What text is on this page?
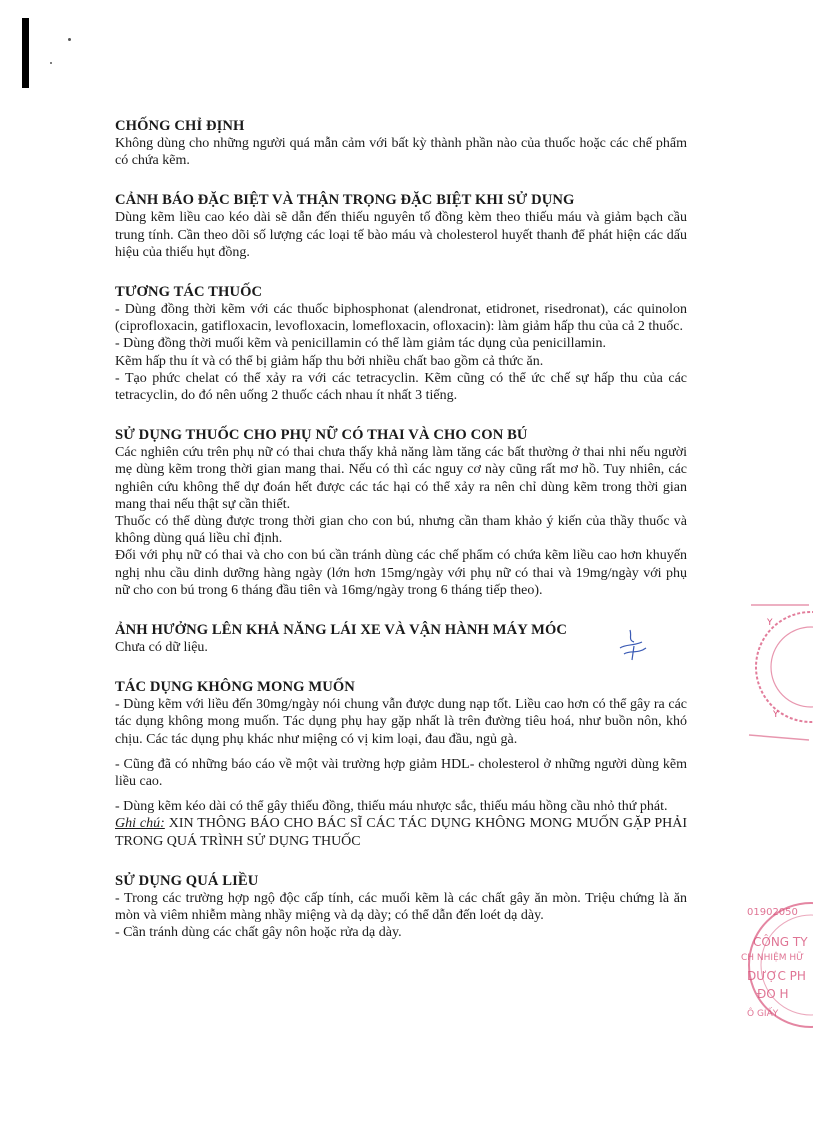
CHỐNG CHỈ ĐỊNH

Không dùng cho những người quá mẫn cảm với bất kỳ thành phần nào của thuốc hoặc các chế phẩm có chứa kẽm.

CẢNH BÁO ĐẶC BIỆT VÀ THẬN TRỌNG ĐẶC BIỆT KHI SỬ DỤNG

Dùng kẽm liều cao kéo dài sẽ dẫn đến thiếu nguyên tố đồng kèm theo thiếu máu và giảm bạch cầu trung tính. Cần theo dõi số lượng các loại tế bào máu và cholesterol huyết thanh để phát hiện các dấu hiệu của thiếu hụt đồng.

TƯƠNG TÁC THUỐC

- Dùng đồng thời kẽm với các thuốc biphosphonat (alendronat, etidronet, risedronat), các quinolon (ciprofloxacin, gatifloxacin, levofloxacin, lomefloxacin, ofloxacin): làm giảm hấp thu của cả 2 thuốc.

- Dùng đồng thời muối kẽm và penicillamin có thể làm giảm tác dụng của penicillamin.

Kẽm hấp thu ít và có thể bị giảm hấp thu bởi nhiều chất bao gồm cả thức ăn.

- Tạo phức chelat có thể xảy ra với các tetracyclin. Kẽm cũng có thể ức chế sự hấp thu của các tetracyclin, do đó nên uống 2 thuốc cách nhau ít nhất 3 tiếng.

SỬ DỤNG THUỐC CHO PHỤ NỮ CÓ THAI VÀ CHO CON BÚ

Các nghiên cứu trên phụ nữ có thai chưa thấy khả năng làm tăng các bất thường ở thai nhi nếu người mẹ dùng kẽm trong thời gian mang thai. Nếu có thì các nguy cơ này cũng rất mơ hồ. Tuy nhiên, các nghiên cứu không thể dự đoán hết được các tác hại có thể xảy ra nên chỉ dùng kẽm trong thời gian mang thai nếu thật sự cần thiết.

Thuốc có thể dùng được trong thời gian cho con bú, nhưng cần tham khảo ý kiến của thầy thuốc và không dùng quá liều chỉ định.

Đối với phụ nữ có thai và cho con bú cần tránh dùng các chế phẩm có chứa kẽm liều cao hơn khuyến nghị nhu cầu dinh dưỡng hàng ngày (lớn hơn 15mg/ngày với phụ nữ có thai và 19mg/ngày với phụ nữ cho con bú trong 6 tháng đầu tiên và 16mg/ngày trong 6 tháng tiếp theo).

ẢNH HƯỞNG LÊN KHẢ NĂNG LÁI XE VÀ VẬN HÀNH MÁY MÓC

Chưa có dữ liệu.

TÁC DỤNG KHÔNG MONG MUỐN

- Dùng kẽm với liều đến 30mg/ngày nói chung vẫn được dung nạp tốt. Liều cao hơn có thể gây ra các tác dụng không mong muốn. Tác dụng phụ hay gặp nhất là trên đường tiêu hoá, như buồn nôn, khó chịu. Các tác dụng phụ khác như miệng có vị kim loại, đau đầu, ngủ gà.

- Cũng đã có những báo cáo về một vài trường hợp giảm HDL- cholesterol ở những người dùng kẽm liều cao.

- Dùng kẽm kéo dài có thể gây thiếu đồng, thiếu máu nhược sắc, thiếu máu hồng cầu nhỏ thứ phát.

Ghi chú: XIN THÔNG BÁO CHO BÁC SĨ CÁC TÁC DỤNG KHÔNG MONG MUỐN GẶP PHẢI TRONG QUÁ TRÌNH SỬ DỤNG THUỐC

SỬ DỤNG QUÁ LIỀU

- Trong các trường hợp ngộ độc cấp tính, các muối kẽm là các chất gây ăn mòn. Triệu chứng là ăn mòn và viêm nhiễm màng nhầy miệng và dạ dày; có thể dẫn đến loét dạ dày.

- Cần tránh dùng các chất gây nôn hoặc rửa dạ dày.

Y
Y
01902050
CÔNG TY
CH NHIỆM HỮ
DƯỢC PH
ĐO H
Ô GIẤY
